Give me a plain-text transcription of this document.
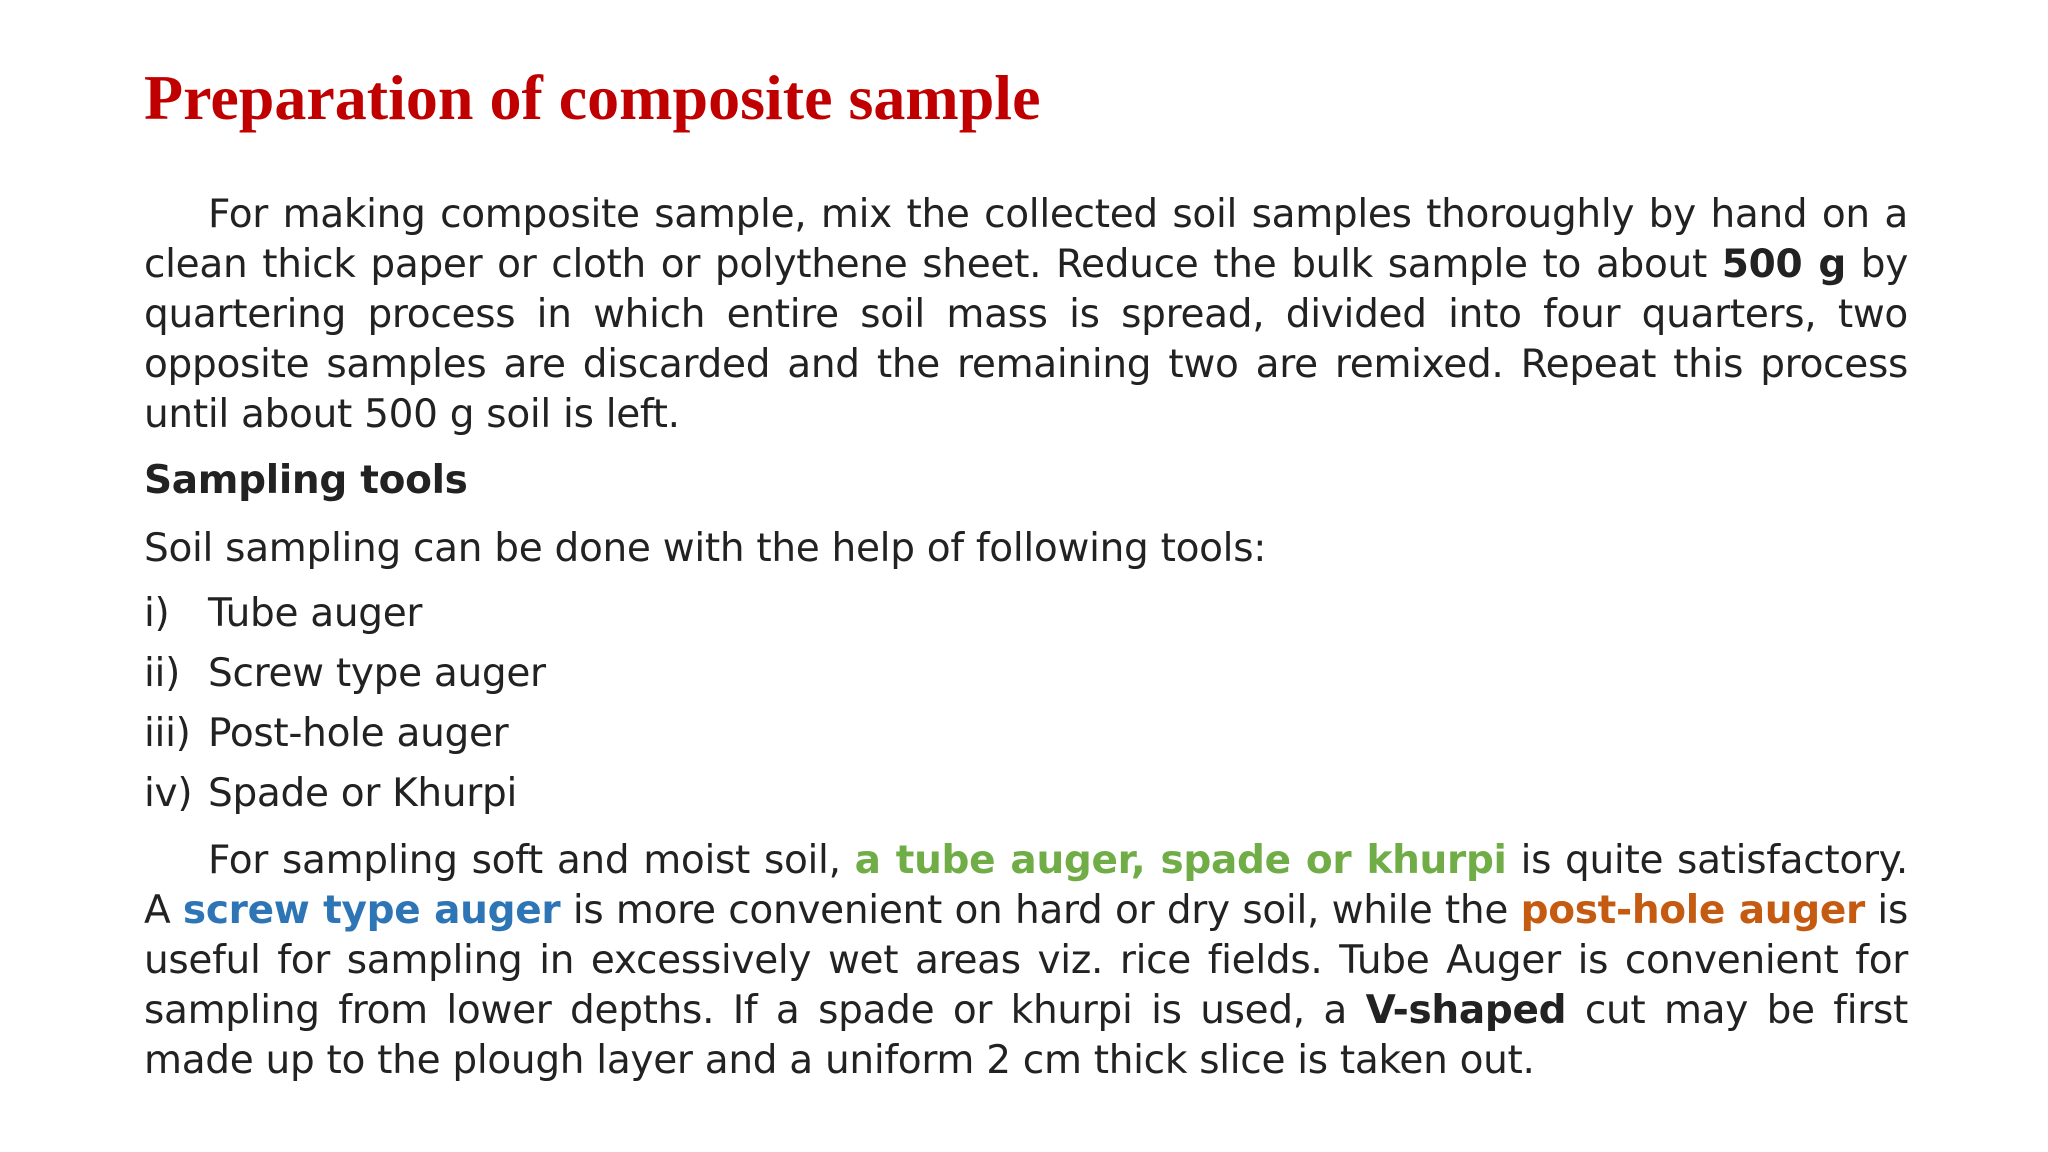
Preparation of composite sample

For making composite sample, mix the collected soil samples thoroughly by hand on a clean thick paper or cloth or polythene sheet. Reduce the bulk sample to about 500 g by quartering process in which entire soil mass is spread, divided into four quarters, two opposite samples are discarded and the remaining two are remixed. Repeat this process until about 500 g soil is left.

Sampling tools
Soil sampling can be done with the help of following tools:
i) Tube auger
ii) Screw type auger
iii) Post-hole auger
iv) Spade or Khurpi

For sampling soft and moist soil, a tube auger, spade or khurpi is quite satisfactory. A screw type auger is more convenient on hard or dry soil, while the post-hole auger is useful for sampling in excessively wet areas viz. rice fields. Tube Auger is convenient for sampling from lower depths. If a spade or khurpi is used, a V-shaped cut may be first made up to the plough layer and a uniform 2 cm thick slice is taken out.
